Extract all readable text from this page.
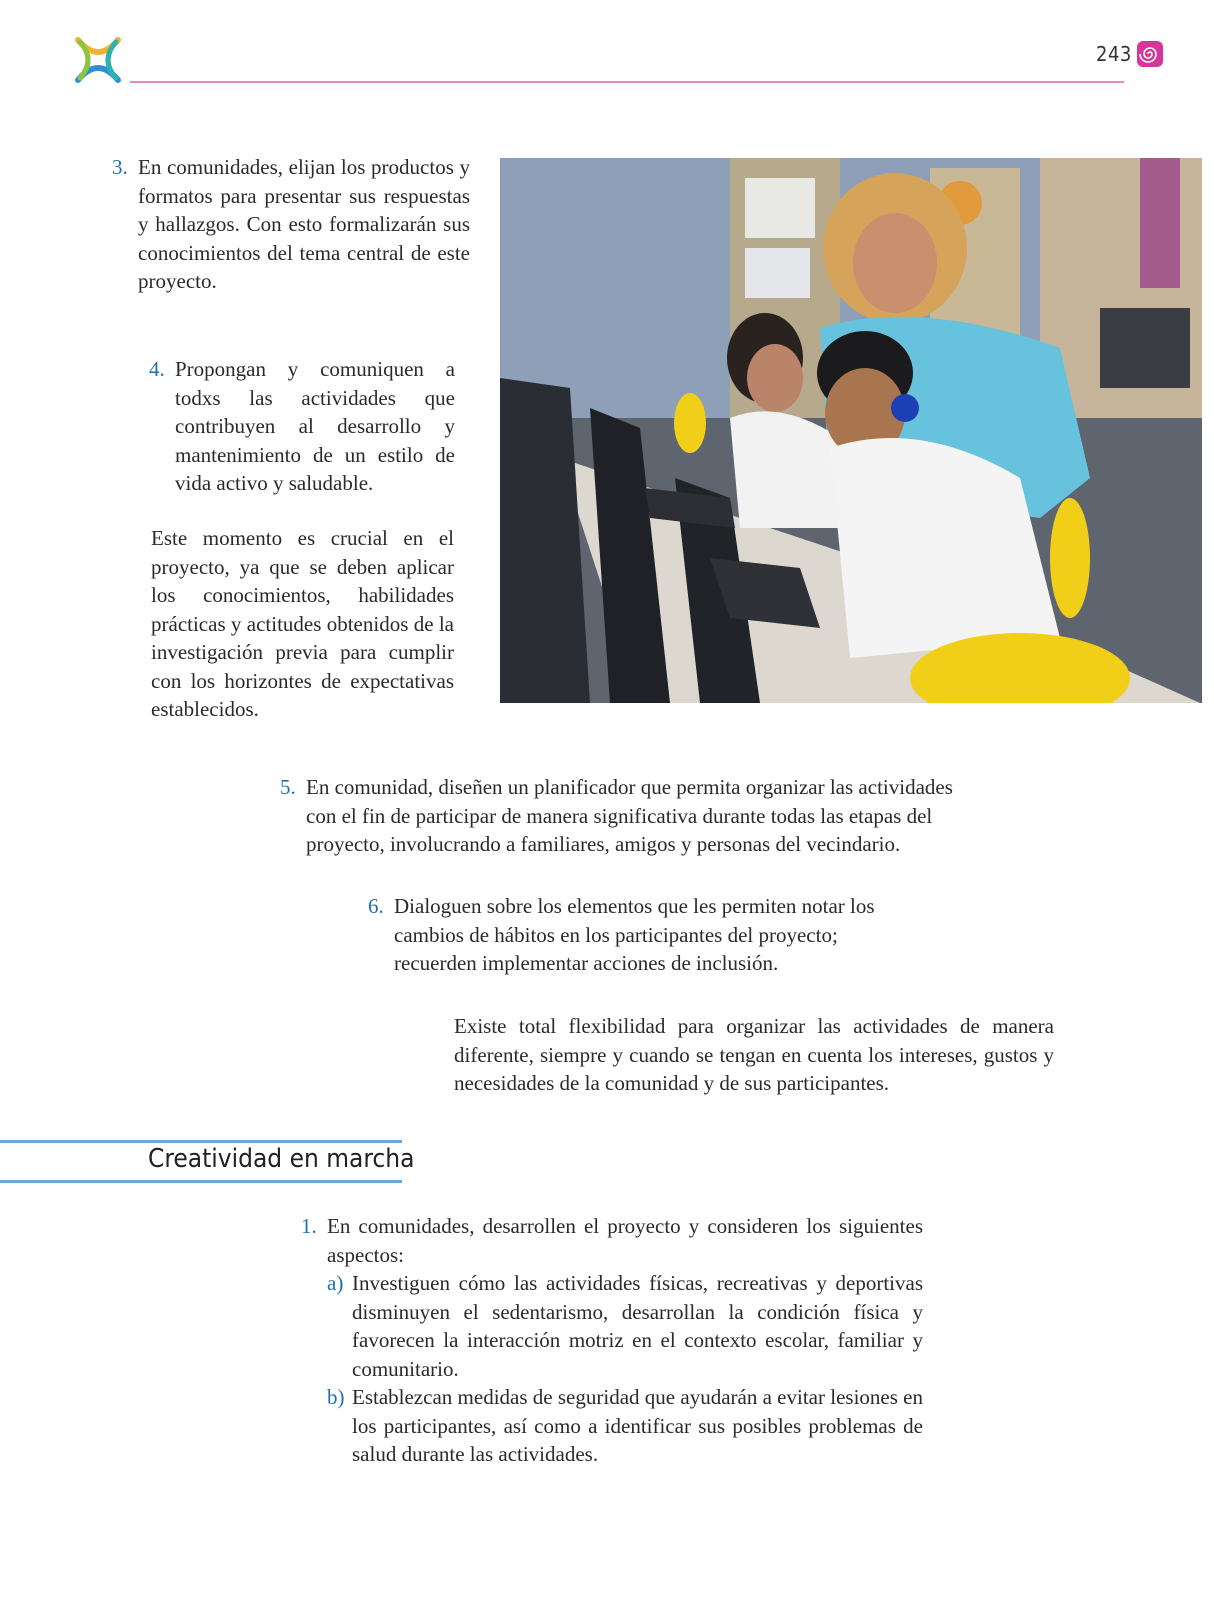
243
3. En comunidades, elijan los productos y formatos para presentar sus respuestas y hallazgos. Con esto formalizarán sus conocimientos del tema central de este proyecto.
4. Propongan y comuniquen a todxs las actividades que contribuyen al desarrollo y mantenimiento de un estilo de vida activo y saludable.

Este momento es crucial en el proyecto, ya que se deben aplicar los conocimientos, habilidades prácticas y actitudes obtenidos de la investigación previa para cumplir con los horizontes de expectativas establecidos.

5. En comunidad, diseñen un planificador que permita organizar las actividades con el fin de participar de manera significativa durante todas las etapas del proyecto, involucrando a familiares, amigos y personas del vecindario.
6. Dialoguen sobre los elementos que les permiten notar los cambios de hábitos en los participantes del proyecto; recuerden implementar acciones de inclusión.

Existe total flexibilidad para organizar las actividades de manera diferente, siempre y cuando se tengan en cuenta los intereses, gustos y necesidades de la comunidad y de sus participantes.

Creatividad en marcha
1. En comunidades, desarrollen el proyecto y consideren los siguientes aspectos:
a) Investiguen cómo las actividades físicas, recreativas y deportivas disminuyen el sedentarismo, desarrollan la condición física y favorecen la interacción motriz en el contexto escolar, familiar y comunitario.
b) Establezcan medidas de seguridad que ayudarán a evitar lesiones en los participantes, así como a identificar sus posibles problemas de salud durante las actividades.
